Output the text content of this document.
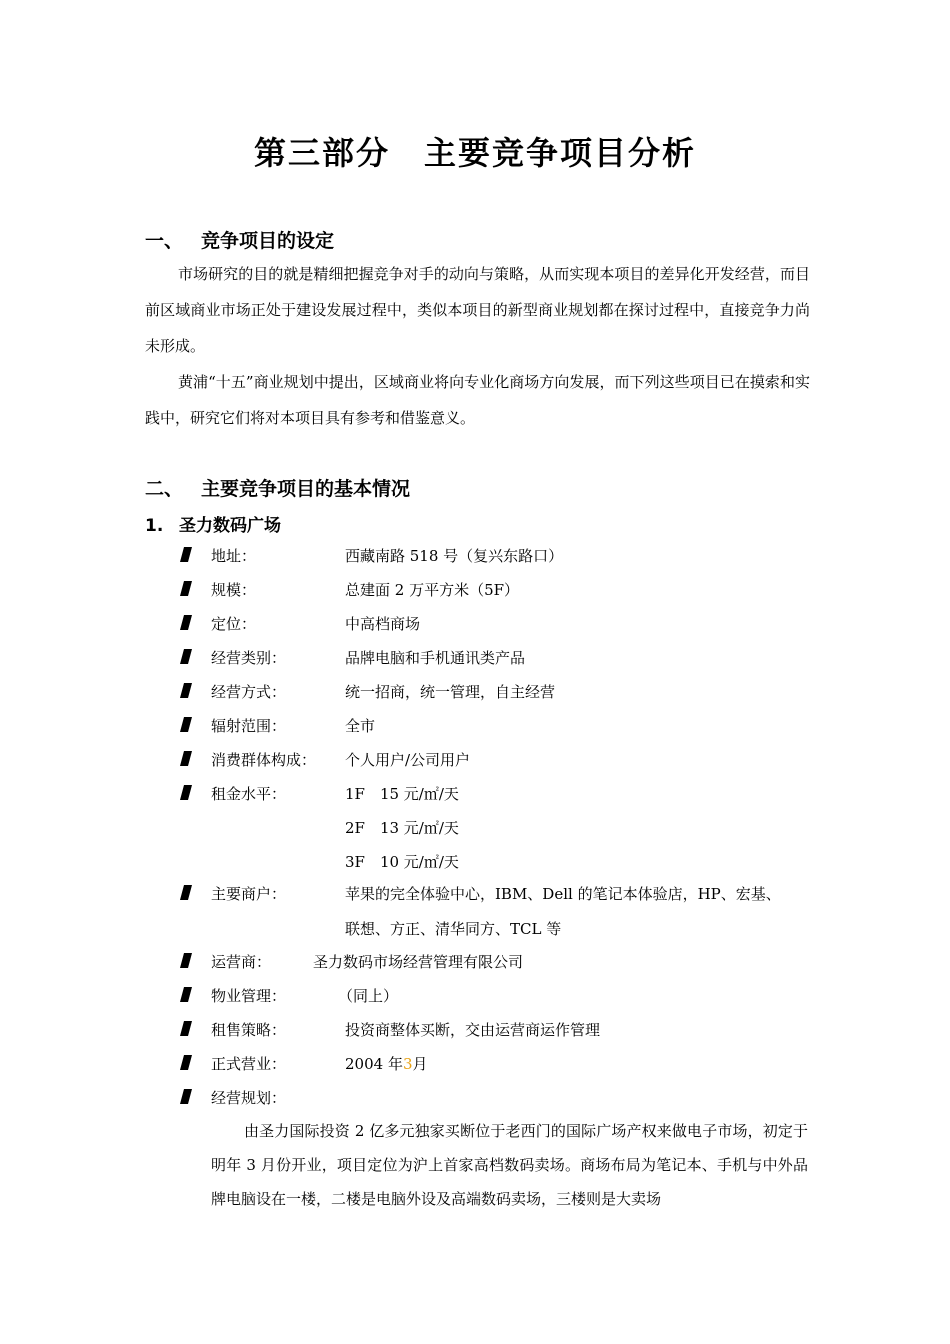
第三部分　主要竞争项目分析
一、 竞争项目的设定
市场研究的目的就是精细把握竞争对手的动向与策略，从而实现本项目的差异化开发经营，而目前区域商业市场正处于建设发展过程中，类似本项目的新型商业规划都在探讨过程中，直接竞争力尚未形成。
黄浦“十五”商业规划中提出，区域商业将向专业化商场方向发展，而下列这些项目已在摸索和实践中，研究它们将对本项目具有参考和借鉴意义。
二、 主要竞争项目的基本情况
1. 圣力数码广场
地址：	西藏南路 518 号（复兴东路口）
规模：	总建面 2 万平方米（5F）
定位：	中高档商场
经营类别：	品牌电脑和手机通讯类产品
经营方式：	统一招商，统一管理，自主经营
辐射范围：	全市
消费群体构成： 个人用户/公司用户
租金水平：	1F　15 元/㎡/天
2F　13 元/㎡/天
3F　10 元/㎡/天
主要商户：	苹果的完全体验中心，IBM、Dell 的笔记本体验店，HP、宏基、
联想、方正、清华同方、TCL 等
运营商：	圣力数码市场经营管理有限公司
物业管理：	（同上）
租售策略：	投资商整体买断，交由运营商运作管理
正式营业：	2004 年3月
经营规划：
由圣力国际投资 2 亿多元独家买断位于老西门的国际广场产权来做电子市场，初定于明年 3 月份开业，项目定位为沪上首家高档数码卖场。商场布局为笔记本、手机与中外品牌电脑设在一楼，二楼是电脑外设及高端数码卖场，三楼则是大卖场
